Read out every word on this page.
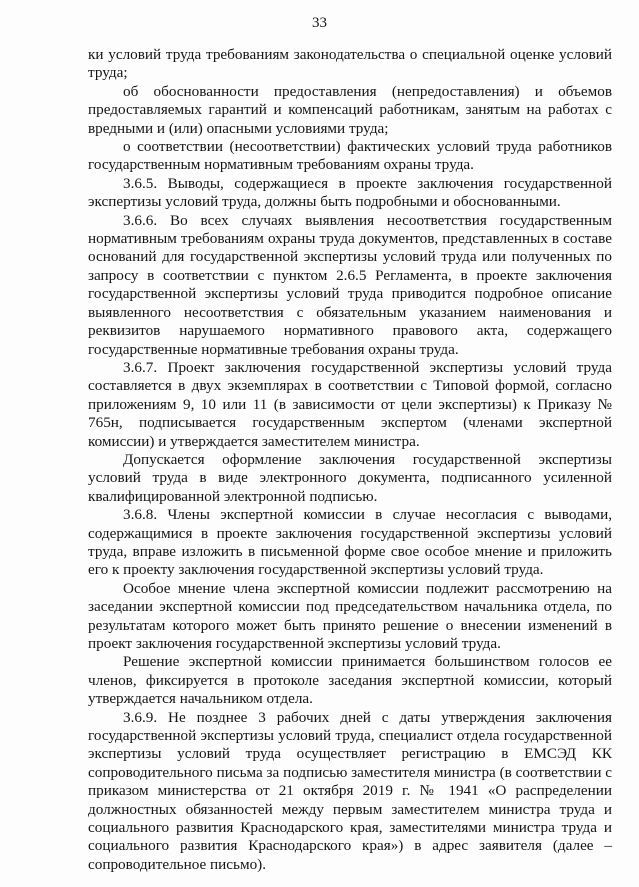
33

ки условий труда требованиям законодательства о специальной оценке условий труда;

об обоснованности предоставления (непредоставления) и объемов предоставляемых гарантий и компенсаций работникам, занятым на работах с вредными и (или) опасными условиями труда;

о соответствии (несоответствии) фактических условий труда работников государственным нормативным требованиям охраны труда.

3.6.5. Выводы, содержащиеся в проекте заключения государственной экспертизы условий труда, должны быть подробными и обоснованными.

3.6.6. Во всех случаях выявления несоответствия государственным нормативным требованиям охраны труда документов, представленных в составе оснований для государственной экспертизы условий труда или полученных по запросу в соответствии с пунктом 2.6.5 Регламента, в проекте заключения государственной экспертизы условий труда приводится подробное описание выявленного несоответствия с обязательным указанием наименования и реквизитов нарушаемого нормативного правового акта, содержащего государственные нормативные требования охраны труда.

3.6.7. Проект заключения государственной экспертизы условий труда составляется в двух экземплярах в соответствии с Типовой формой, согласно приложениям 9, 10 или 11 (в зависимости от цели экспертизы) к Приказу № 765н, подписывается государственным экспертом (членами экспертной комиссии) и утверждается заместителем министра.

Допускается оформление заключения государственной экспертизы условий труда в виде электронного документа, подписанного усиленной квалифицированной электронной подписью.

3.6.8. Члены экспертной комиссии в случае несогласия с выводами, содержащимися в проекте заключения государственной экспертизы условий труда, вправе изложить в письменной форме свое особое мнение и приложить его к проекту заключения государственной экспертизы условий труда.

Особое мнение члена экспертной комиссии подлежит рассмотрению на заседании экспертной комиссии под председательством начальника отдела, по результатам которого может быть принято решение о внесении изменений в проект заключения государственной экспертизы условий труда.

Решение экспертной комиссии принимается большинством голосов ее членов, фиксируется в протоколе заседания экспертной комиссии, который утверждается начальником отдела.

3.6.9. Не позднее 3 рабочих дней с даты утверждения заключения государственной экспертизы условий труда, специалист отдела государственной экспертизы условий труда осуществляет регистрацию в ЕМСЭД КК сопроводительного письма за подписью заместителя министра (в соответствии с приказом министерства от 21 октября 2019 г. № 1941 «О распределении должностных обязанностей между первым заместителем министра труда и социального развития Краснодарского края, заместителями министра труда и социального развития Краснодарского края») в адрес заявителя (далее – сопроводительное письмо).
